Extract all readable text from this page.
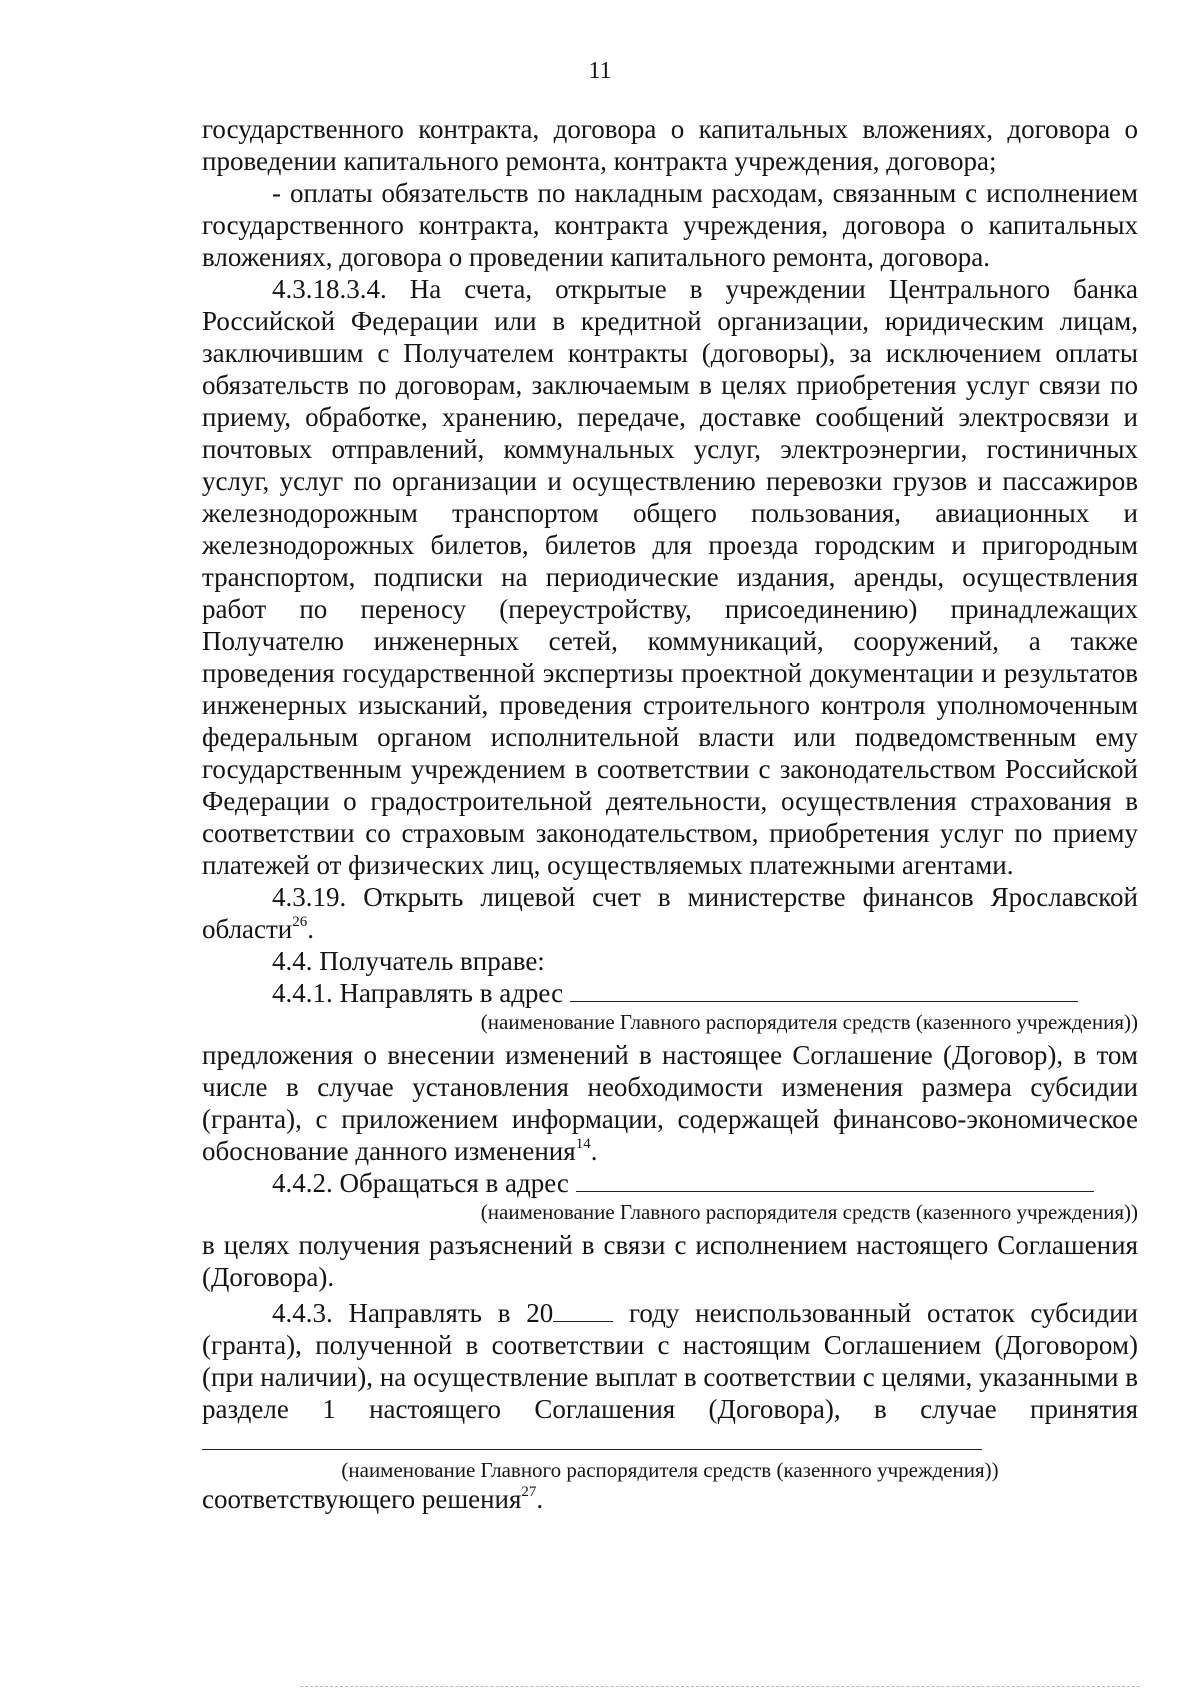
11

государственного контракта, договора о капитальных вложениях, договора о проведении капитального ремонта, контракта учреждения, договора;

- оплаты обязательств по накладным расходам, связанным с исполнением государственного контракта, контракта учреждения, договора о капитальных вложениях, договора о проведении капитального ремонта, договора.

4.3.18.3.4. На счета, открытые в учреждении Центрального банка Российской Федерации или в кредитной организации, юридическим лицам, заключившим с Получателем контракты (договоры), за исключением оплаты обязательств по договорам, заключаемым в целях приобретения услуг связи по приему, обработке, хранению, передаче, доставке сообщений электросвязи и почтовых отправлений, коммунальных услуг, электроэнергии, гостиничных услуг, услуг по организации и осуществлению перевозки грузов и пассажиров железнодорожным транспортом общего пользования, авиационных и железнодорожных билетов, билетов для проезда городским и пригородным транспортом, подписки на периодические издания, аренды, осуществления работ по переносу (переустройству, присоединению) принадлежащих Получателю инженерных сетей, коммуникаций, сооружений, а также проведения государственной экспертизы проектной документации и результатов инженерных изысканий, проведения строительного контроля уполномоченным федеральным органом исполнительной власти или подведомственным ему государственным учреждением в соответствии с законодательством Российской Федерации о градостроительной деятельности, осуществления страхования в соответствии со страховым законодательством, приобретения услуг по приему платежей от физических лиц, осуществляемых платежными агентами.

4.3.19. Открыть лицевой счет в министерстве финансов Ярославской области$^{26}$.

4.4. Получатель вправе:

4.4.1. Направлять в адрес

(наименование Главного распорядителя средств (казенного учреждения))

предложения о внесении изменений в настоящее Соглашение (Договор), в том числе в случае установления необходимости изменения размера субсидии (гранта), с приложением информации, содержащей финансово-экономическое обоснование данного изменения$^{14}$.

4.4.2. Обращаться в адрес

(наименование Главного распорядителя средств (казенного учреждения))

в целях получения разъяснений в связи с исполнением настоящего Соглашения (Договора).

4.4.3. Направлять в 20	году неиспользованный остаток субсидии (гранта), полученной в соответствии с настоящим Соглашением (Договором) (при наличии), на осуществление выплат в соответствии с целями, указанными в разделе 1 настоящего Соглашения (Договора), в случае принятия

(наименование Главного распорядителя средств (казенного учреждения))

соответствующего решения$^{27}$.
